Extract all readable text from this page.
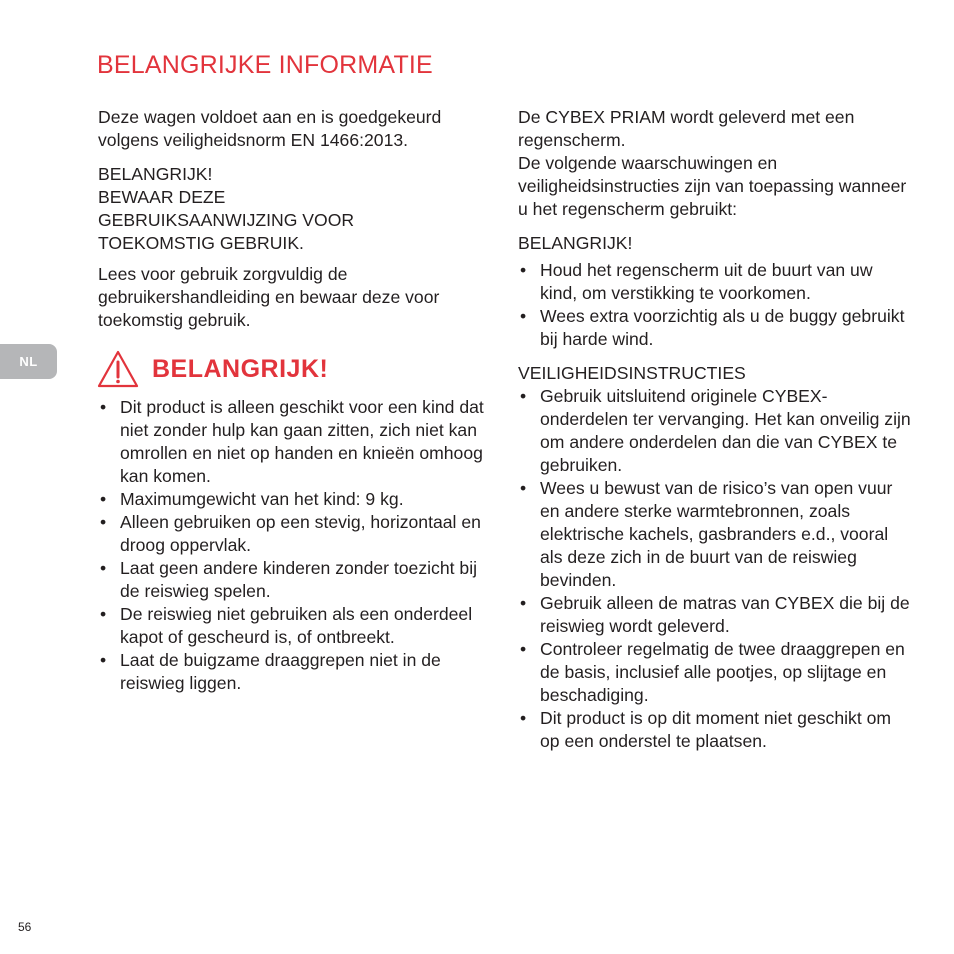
BELANGRIJKE INFORMATIE
NL

Deze wagen voldoet aan en is goedgekeurd volgens veiligheidsnorm EN 1466:2013.

BELANGRIJK!
BEWAAR DEZE
GEBRUIKSAANWIJZING VOOR
TOEKOMSTIG GEBRUIK.

Lees voor gebruik zorgvuldig de gebruikershandleiding en bewaar deze voor toekomstig gebruik.

BELANGRIJK!
• Dit product is alleen geschikt voor een kind dat niet zonder hulp kan gaan zitten, zich niet kan omrollen en niet op handen en knieën omhoog kan komen.
• Maximumgewicht van het kind: 9 kg.
• Alleen gebruiken op een stevig, horizontaal en droog oppervlak.
• Laat geen andere kinderen zonder toezicht bij de reiswieg spelen.
• De reiswieg niet gebruiken als een onderdeel kapot of gescheurd is, of ontbreekt.
• Laat de buigzame draaggrepen niet in de reiswieg liggen.

De CYBEX PRIAM wordt geleverd met een regenscherm.

De volgende waarschuwingen en veiligheidsinstructies zijn van toepassing wanneer u het regenscherm gebruikt:

BELANGRIJK!

• Houd het regenscherm uit de buurt van uw kind, om verstikking te voorkomen.
• Wees extra voorzichtig als u de buggy gebruikt bij harde wind.

VEILIGHEIDSINSTRUCTIES

• Gebruik uitsluitend originele CYBEX-onderdelen ter vervanging. Het kan onveilig zijn om andere onderdelen dan die van CYBEX te gebruiken.
• Wees u bewust van de risico’s van open vuur en andere sterke warmtebronnen, zoals elektrische kachels, gasbranders e.d., vooral als deze zich in de buurt van de reiswieg bevinden.
• Gebruik alleen de matras van CYBEX die bij de reiswieg wordt geleverd.
• Controleer regelmatig de twee draaggrepen en de basis, inclusief alle pootjes, op slijtage en beschadiging.
• Dit product is op dit moment niet geschikt om op een onderstel te plaatsen.
56
